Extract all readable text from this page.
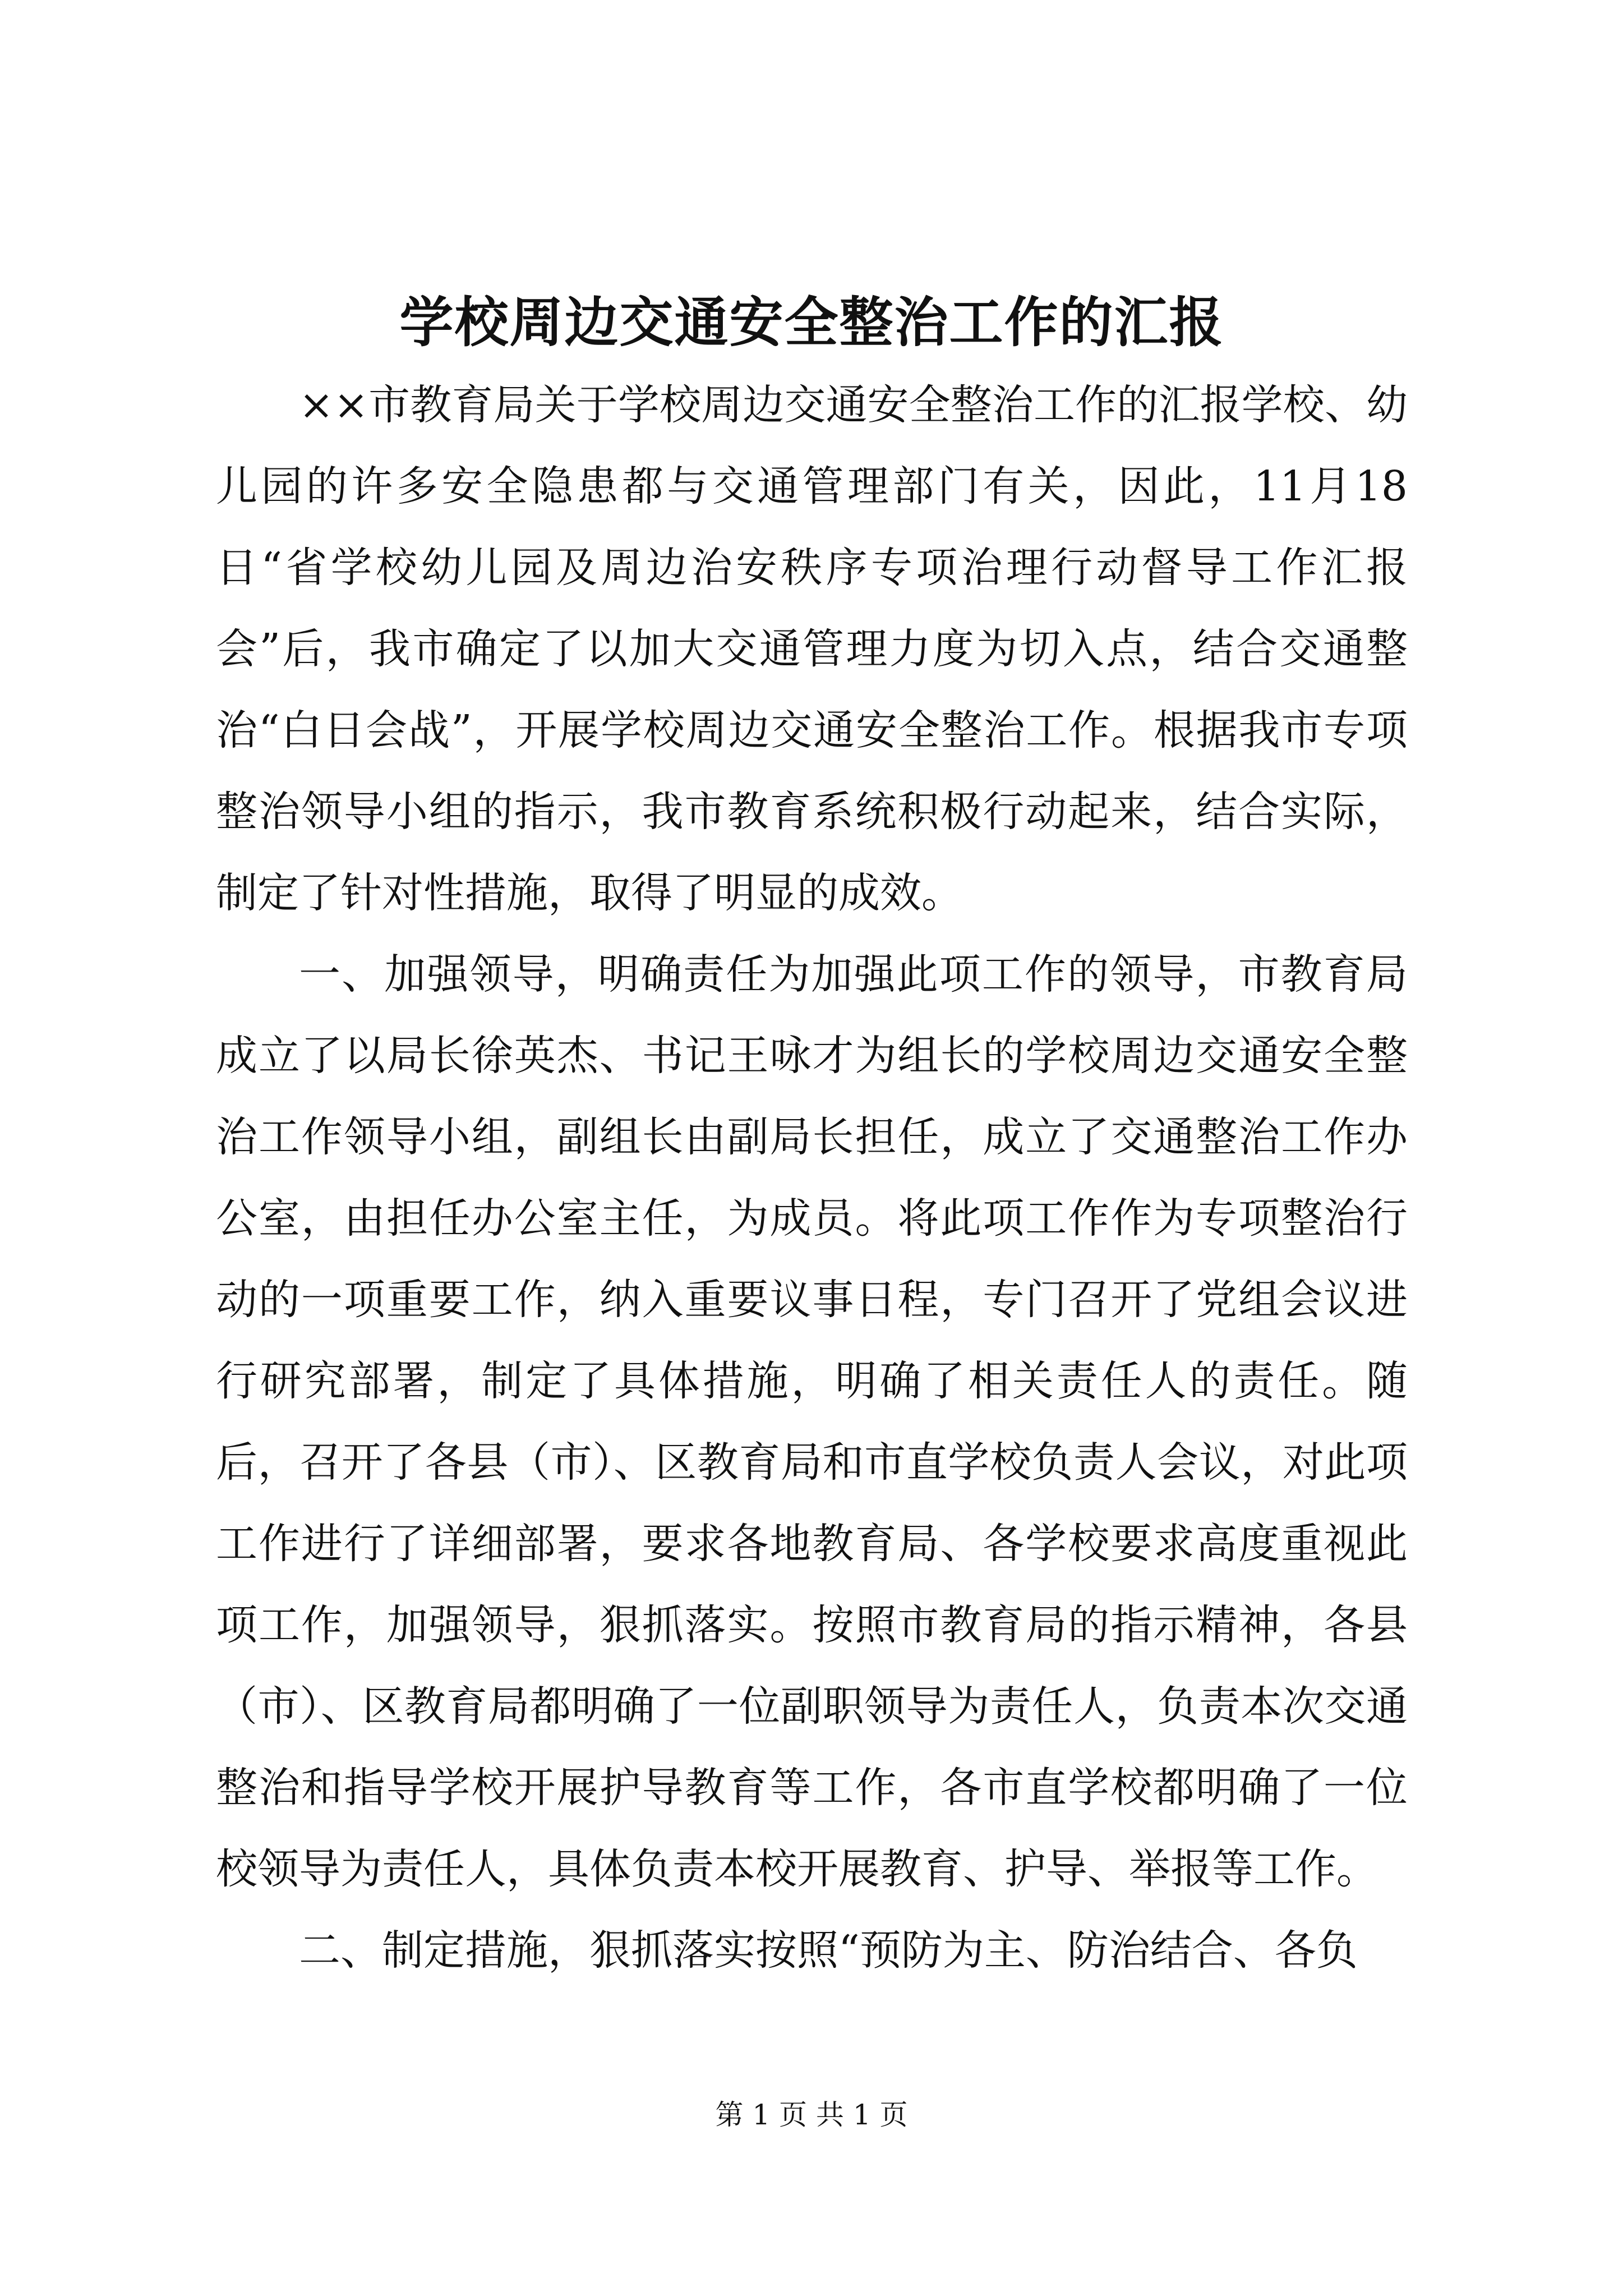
学校周边交通安全整治工作的汇报

××市教育局关于学校周边交通安全整治工作的汇报学校、幼儿园的许多安全隐患都与交通管理部门有关，因此，11月18日“省学校幼儿园及周边治安秩序专项治理行动督导工作汇报会”后，我市确定了以加大交通管理力度为切入点，结合交通整治“白日会战”，开展学校周边交通安全整治工作。根据我市专项整治领导小组的指示，我市教育系统积极行动起来，结合实际，制定了针对性措施，取得了明显的成效。

一、加强领导，明确责任为加强此项工作的领导，市教育局成立了以局长徐英杰、书记王咏才为组长的学校周边交通安全整治工作领导小组，副组长由副局长担任，成立了交通整治工作办公室，由担任办公室主任，为成员。将此项工作作为专项整治行动的一项重要工作，纳入重要议事日程，专门召开了党组会议进行研究部署，制定了具体措施，明确了相关责任人的责任。随后，召开了各县（市）、区教育局和市直学校负责人会议，对此项工作进行了详细部署，要求各地教育局、各学校要求高度重视此项工作，加强领导，狠抓落实。按照市教育局的指示精神，各县（市）、区教育局都明确了一位副职领导为责任人，负责本次交通整治和指导学校开展护导教育等工作，各市直学校都明确了一位校领导为责任人，具体负责本校开展教育、护导、举报等工作。

二、制定措施，狠抓落实按照“预防为主、防治结合、各负

第 1 页 共 1 页
